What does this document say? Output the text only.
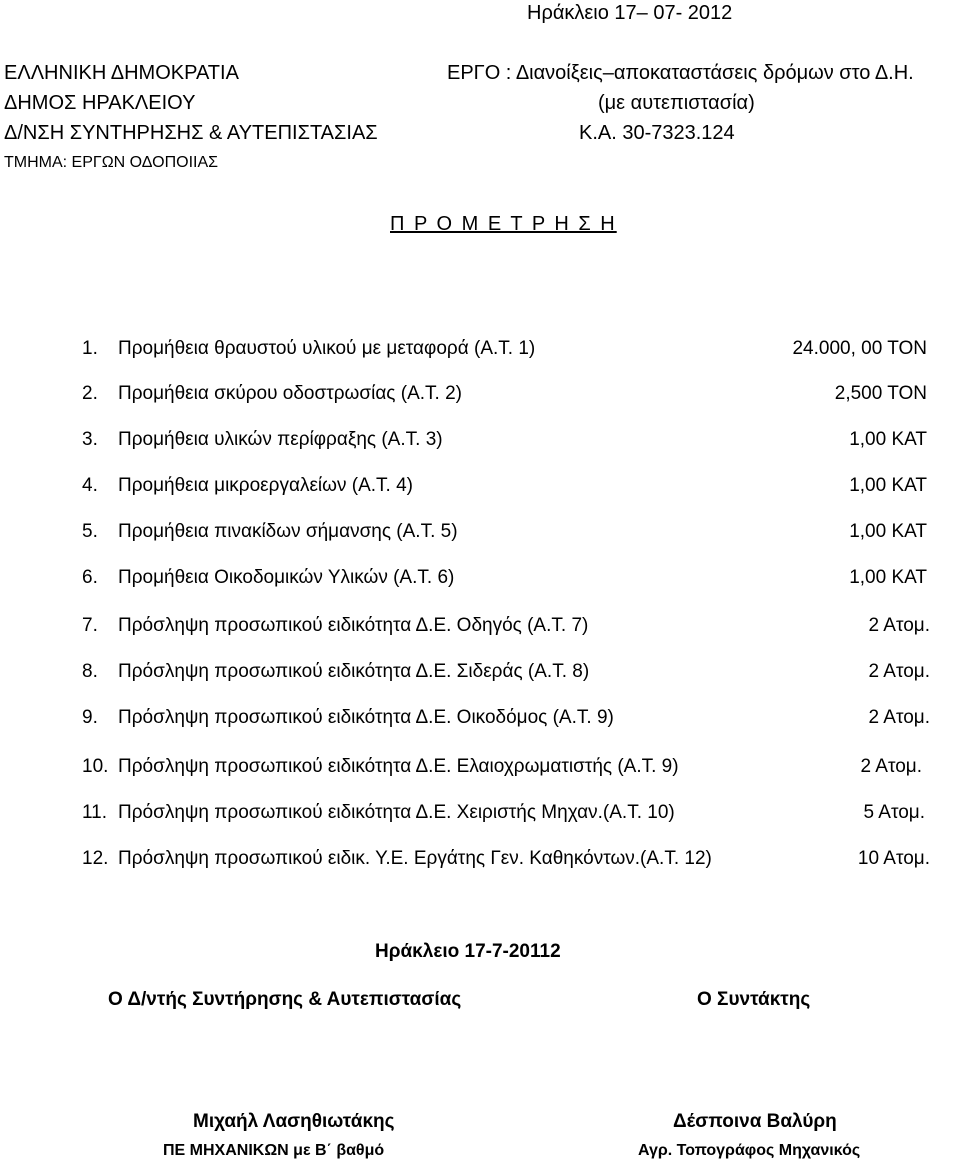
Ηράκλειο 17– 07- 2012
ΕΛΛΗΝΙΚΗ ΔΗΜΟΚΡΑΤΙΑ
ΔΗΜΟΣ ΗΡΑΚΛΕΙΟΥ
Δ/ΝΣΗ ΣΥΝΤΗΡΗΣΗΣ & ΑΥΤΕΠΙΣΤΑΣΙΑΣ
ΤΜΗΜΑ: ΕΡΓΩΝ ΟΔΟΠΟΙΙΑΣ
ΕΡΓΟ : Διανοίξεις–αποκαταστάσεις δρόμων στο Δ.Η.
(με αυτεπιστασία)
Κ.Α. 30-7323.124
Π Ρ Ο Μ Ε Τ Ρ Η Σ Η
1. Προμήθεια θραυστού υλικού με μεταφορά (Α.Τ. 1)	24.000, 00 ΤΟΝ
2. Προμήθεια σκύρου οδοστρωσίας (Α.Τ. 2)	2,500 ΤΟΝ
3. Προμήθεια υλικών περίφραξης (Α.Τ. 3)	1,00 ΚΑΤ
4. Προμήθεια μικροεργαλείων (Α.Τ. 4)	1,00 ΚΑΤ
5. Προμήθεια πινακίδων σήμανσης (Α.Τ. 5)	1,00 ΚΑΤ
6. Προμήθεια Οικοδομικών Υλικών (Α.Τ. 6)	1,00 ΚΑΤ
7. Πρόσληψη προσωπικού ειδικότητα Δ.Ε. Οδηγός (Α.Τ. 7)	2 Ατομ.
8. Πρόσληψη προσωπικού ειδικότητα Δ.Ε. Σιδεράς (Α.Τ. 8)	2 Ατομ.
9. Πρόσληψη προσωπικού ειδικότητα Δ.Ε. Οικοδόμος (Α.Τ. 9)	2 Ατομ.
10. Πρόσληψη προσωπικού ειδικότητα Δ.Ε. Ελαιοχρωματιστής (Α.Τ. 9)	2 Ατομ.
11. Πρόσληψη προσωπικού ειδικότητα Δ.Ε. Χειριστής Μηχαν.(Α.Τ. 10)	5 Ατομ.
12. Πρόσληψη προσωπικού ειδικ. Υ.Ε. Εργάτης Γεν. Καθηκόντων.(Α.Τ. 12)	10 Ατομ.
Ηράκλειο 17-7-20112
Ο Δ/ντής Συντήρησης & Αυτεπιστασίας	Ο Συντάκτης
Μιχαήλ Λασηθιωτάκης
ΠΕ ΜΗΧΑΝΙΚΩΝ με Β΄ βαθμό
Δέσποινα Βαλύρη
Αγρ. Τοπογράφος Μηχανικός
